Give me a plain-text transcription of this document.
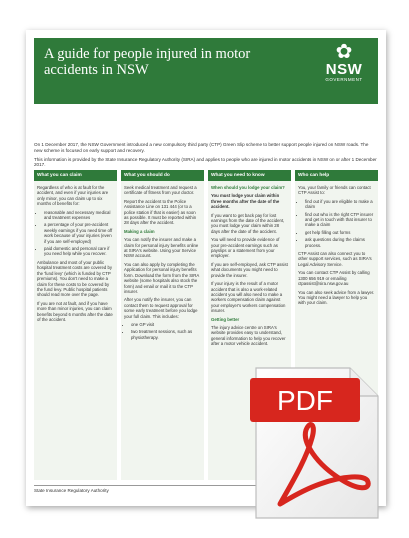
A guide for people injured in motor accidents in NSW
✿
NSW
GOVERNMENT

On 1 December 2017, the NSW Government introduced a new compulsory third party (CTP) Green Slip scheme to better support people injured on NSW roads. The new scheme is focused on early support and recovery.

This information is provided by the State Insurance Regulatory Authority (SIRA) and applies to people who are injured in motor accidents in NSW on or after 1 December 2017.

What you can claim

Regardless of who is at fault for the accident, and even if your injuries are only minor, you can claim up to six months of benefits for:

• reasonable and necessary medical and treatment expenses
• a percentage of your pre-accident weekly earnings if you need time off work because of your injuries (even if you are self-employed)
• paid domestic and personal care if you need help while you recover.

Ambulance and most of your public hospital treatment costs are covered by the 'fund levy' (which is funded by CTP premiums). You don't need to make a claim for these costs to be covered by the fund levy. Public hospital patients should read more over the page.

If you are not at fault, and if you have more than minor injuries, you can claim benefits beyond 6 months after the date of the accident.

What you should do

Seek medical treatment and request a certificate of fitness from your doctor.

Report the accident to the Police Assistance Line on 131 444 (or to a police station if that is easier) as soon as possible. It must be reported within 28 days after the accident.

Making a claim

You can notify the insurer and make a claim for personal injury benefits online at SIRA's website. Using your Service NSW account.

You can also apply by completing the Application for personal injury benefits form. Download the form from the SIRA website (some hospitals also stock the form) and email or mail it to the CTP insurer.

After you notify the insurer, you can contact them to request approval for some early treatment before you lodge your full claim. This includes:

• one GP visit
• two treatment sessions, such as physiotherapy.
What you need to know

When should you lodge your claim?

You must lodge your claim within three months after the date of the accident.

If you want to get back pay for lost earnings from the date of the accident, you must lodge your claim within 28 days after the date of the accident.

You will need to provide evidence of your pre-accident earnings such as payslips or a statement from your employer.

If you are self-employed, ask CTP assist what documents you might need to provide the insurer.

If your injury is the result of a motor accident that is also a work-related accident you will also need to make a workers compensation claim against your employer's workers compensation insurer.

Getting better

The injury advice centre on SIRA's website provides easy to understand, general information to help you recover after a motor vehicle accident.

Who can help

You, your family or friends can contact CTP Assist to:

• find out if you are eligible to make a claim
• find out who is the right CTP insurer and get in touch with that insurer to make a claim
• get help filling out forms
• ask questions during the claims process.

CTP Assist can also connect you to other support services, such as SIRA's Legal Advisory Service.

You can contact CTP Assist by calling 1300 656 919 or emailing ctpassist@sira.nsw.gov.au

You can also seek advice from a lawyer. You might need a lawyer to help you with your claim.

State Insurance Regulatory Authority
PDF
